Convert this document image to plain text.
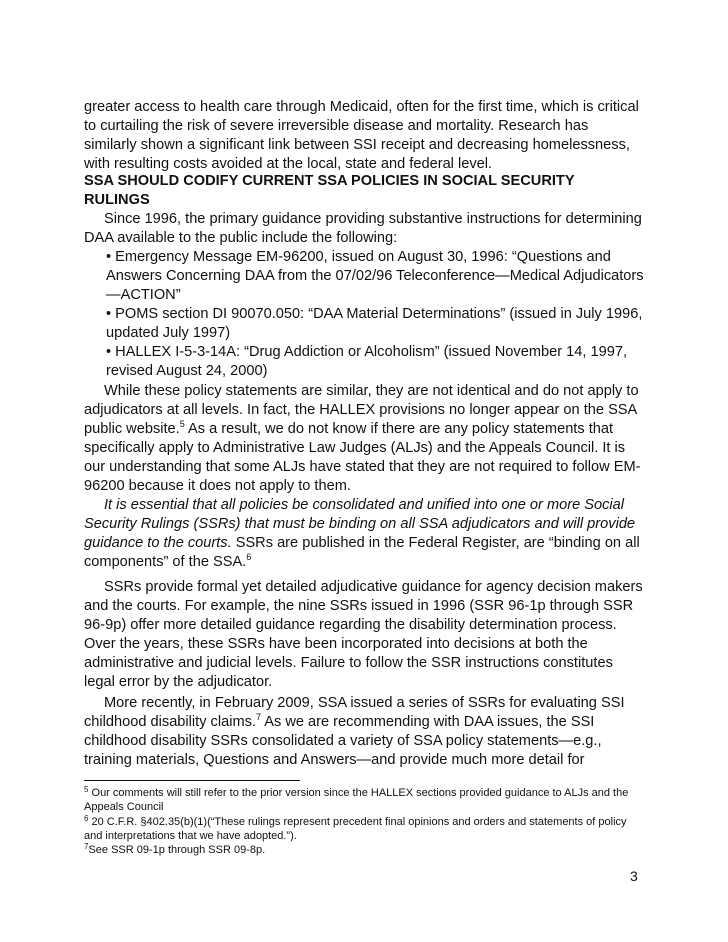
greater access to health care through Medicaid, often for the first time, which is critical to curtailing the risk of severe irreversible disease and mortality. Research has similarly shown a significant link between SSI receipt and decreasing homelessness, with resulting costs avoided at the local, state and federal level.

SSA SHOULD CODIFY CURRENT SSA POLICIES IN SOCIAL SECURITY RULINGS

Since 1996, the primary guidance providing substantive instructions for determining DAA available to the public include the following:

• Emergency Message EM-96200, issued on August 30, 1996: “Questions and Answers Concerning DAA from the 07/02/96 Teleconference—Medical Adjudicators—ACTION”
• POMS section DI 90070.050: “DAA Material Determinations” (issued in July 1996, updated July 1997)
• HALLEX I-5-3-14A: “Drug Addiction or Alcoholism” (issued November 14, 1997, revised August 24, 2000)

While these policy statements are similar, they are not identical and do not apply to adjudicators at all levels. In fact, the HALLEX provisions no longer appear on the SSA public website.$^5$ As a result, we do not know if there are any policy statements that specifically apply to Administrative Law Judges (ALJs) and the Appeals Council. It is our understanding that some ALJs have stated that they are not required to follow EM-96200 because it does not apply to them.

It is essential that all policies be consolidated and unified into one or more Social Security Rulings (SSRs) that must be binding on all SSA adjudicators and will provide guidance to the courts. SSRs are published in the Federal Register, are “binding on all components” of the SSA.$^6$

SSRs provide formal yet detailed adjudicative guidance for agency decision makers and the courts. For example, the nine SSRs issued in 1996 (SSR 96-1p through SSR 96-9p) offer more detailed guidance regarding the disability determination process. Over the years, these SSRs have been incorporated into decisions at both the administrative and judicial levels. Failure to follow the SSR instructions constitutes legal error by the adjudicator.

More recently, in February 2009, SSA issued a series of SSRs for evaluating SSI childhood disability claims.$^7$ As we are recommending with DAA issues, the SSI childhood disability SSRs consolidated a variety of SSA policy statements—e.g., training materials, Questions and Answers—and provide much more detail for

$^5$ Our comments will still refer to the prior version since the HALLEX sections provided guidance to ALJs and the Appeals Council

$^6$ 20 C.F.R. §402.35(b)(1)(“These rulings represent precedent final opinions and orders and statements of policy and interpretations that we have adopted.”).

$^7$See SSR 09-1p through SSR 09-8p.

3
